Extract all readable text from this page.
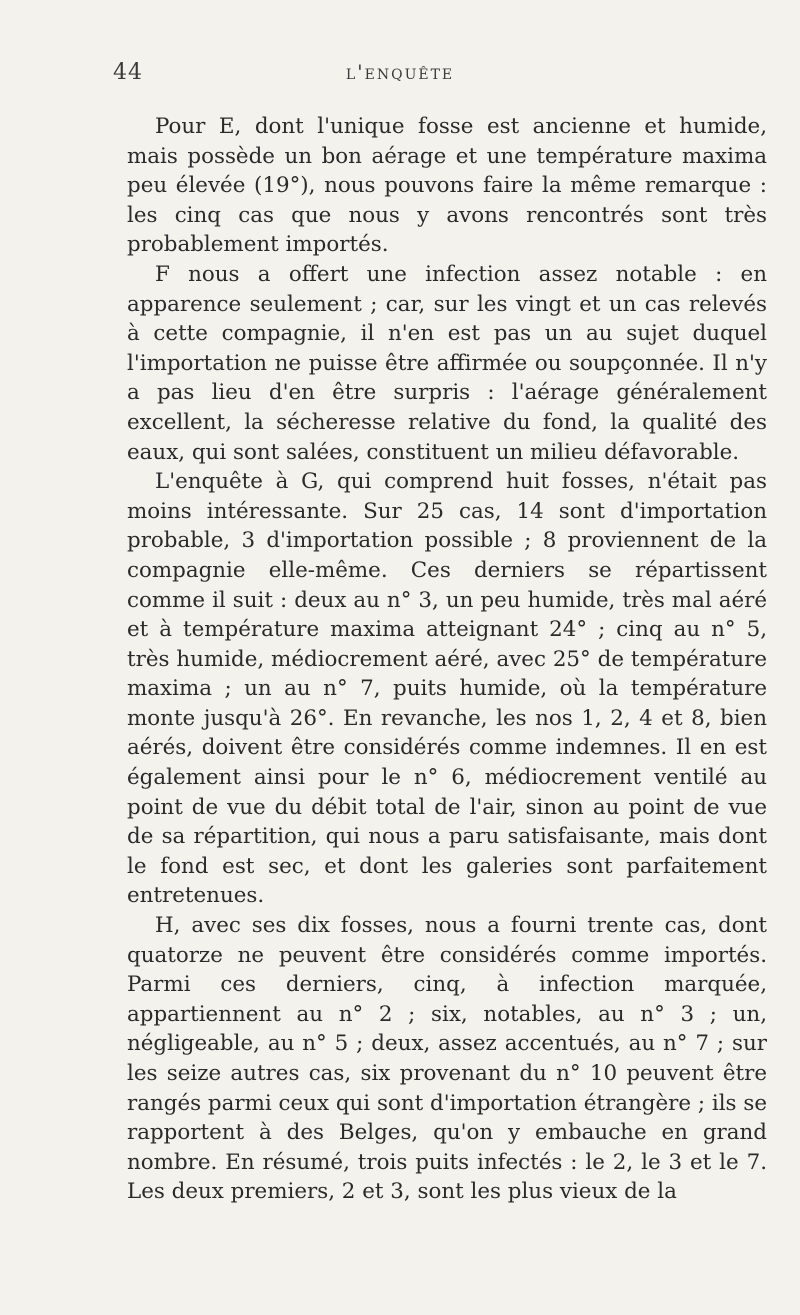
44	l'enquête

Pour E, dont l'unique fosse est ancienne et humide, mais possède un bon aérage et une température maxima peu élevée (19°), nous pouvons faire la même remarque : les cinq cas que nous y avons rencontrés sont très probablement importés.

F nous a offert une infection assez notable : en apparence seulement ; car, sur les vingt et un cas relevés à cette compagnie, il n'en est pas un au sujet duquel l'importation ne puisse être affirmée ou soupçonnée. Il n'y a pas lieu d'en être surpris : l'aérage généralement excellent, la sécheresse relative du fond, la qualité des eaux, qui sont salées, constituent un milieu défavorable.

L'enquête à G, qui comprend huit fosses, n'était pas moins intéressante. Sur 25 cas, 14 sont d'importation probable, 3 d'importation possible ; 8 proviennent de la compagnie elle-même. Ces derniers se répartissent comme il suit : deux au n° 3, un peu humide, très mal aéré et à température maxima atteignant 24° ; cinq au n° 5, très humide, médiocrement aéré, avec 25° de température maxima ; un au n° 7, puits humide, où la température monte jusqu'à 26°. En revanche, les nos 1, 2, 4 et 8, bien aérés, doivent être considérés comme indemnes. Il en est également ainsi pour le n° 6, médiocrement ventilé au point de vue du débit total de l'air, sinon au point de vue de sa répartition, qui nous a paru satisfaisante, mais dont le fond est sec, et dont les galeries sont parfaitement entretenues.

H, avec ses dix fosses, nous a fourni trente cas, dont quatorze ne peuvent être considérés comme importés. Parmi ces derniers, cinq, à infection marquée, appartiennent au n° 2 ; six, notables, au n° 3 ; un, négligeable, au n° 5 ; deux, assez accentués, au n° 7 ; sur les seize autres cas, six provenant du n° 10 peuvent être rangés parmi ceux qui sont d'importation étrangère ; ils se rapportent à des Belges, qu'on y embauche en grand nombre. En résumé, trois puits infectés : le 2, le 3 et le 7. Les deux premiers, 2 et 3, sont les plus vieux de la
